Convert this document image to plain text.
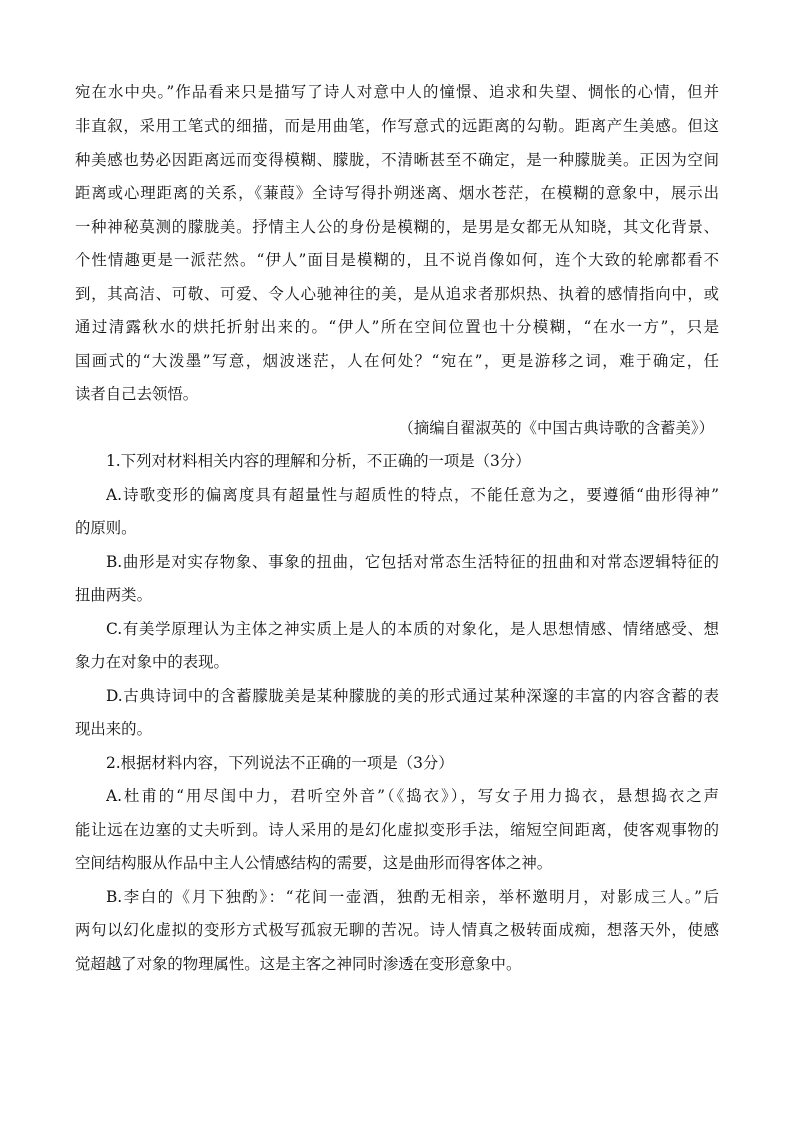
宛在水中央。”作品看来只是描写了诗人对意中人的憧憬、追求和失望、惆怅的心情，但并
非直叙，采用工笔式的细描，而是用曲笔，作写意式的远距离的勾勒。距离产生美感。但这
种美感也势必因距离远而变得模糊、朦胧，不清晰甚至不确定，是一种朦胧美。正因为空间
距离或心理距离的关系，《蒹葭》全诗写得扑朔迷离、烟水苍茫，在模糊的意象中，展示出
一种神秘莫测的朦胧美。抒情主人公的身份是模糊的，是男是女都无从知晓，其文化背景、
个性情趣更是一派茫然。“伊人”面目是模糊的，且不说肖像如何，连个大致的轮廓都看不
到，其高洁、可敬、可爱、令人心驰神往的美，是从追求者那炽热、执着的感情指向中，或
通过清露秋水的烘托折射出来的。“伊人”所在空间位置也十分模糊，“在水一方”，只是
国画式的“大泼墨”写意，烟波迷茫，人在何处？“宛在”，更是游移之词，难于确定，任
读者自己去领悟。
（摘编自翟淑英的《中国古典诗歌的含蓄美》）
1.下列对材料相关内容的理解和分析，不正确的一项是（3分）
A.诗歌变形的偏离度具有超量性与超质性的特点，不能任意为之，要遵循“曲形得神”
的原则。
B.曲形是对实存物象、事象的扭曲，它包括对常态生活特征的扭曲和对常态逻辑特征的
扭曲两类。
C.有美学原理认为主体之神实质上是人的本质的对象化，是人思想情感、情绪感受、想
象力在对象中的表现。
D.古典诗词中的含蓄朦胧美是某种朦胧的美的形式通过某种深邃的丰富的内容含蓄的表
现出来的。
2.根据材料内容，下列说法不正确的一项是（3分）
A.杜甫的“用尽闺中力，君听空外音”（《捣衣》），写女子用力捣衣，悬想捣衣之声
能让远在边塞的丈夫听到。诗人采用的是幻化虚拟变形手法，缩短空间距离，使客观事物的
空间结构服从作品中主人公情感结构的需要，这是曲形而得客体之神。
B.李白的《月下独酌》：“花间一壶酒，独酌无相亲，举杯邀明月，对影成三人。”后
两句以幻化虚拟的变形方式极写孤寂无聊的苦况。诗人情真之极转面成痴，想落天外，使感
觉超越了对象的物理属性。这是主客之神同时渗透在变形意象中。
